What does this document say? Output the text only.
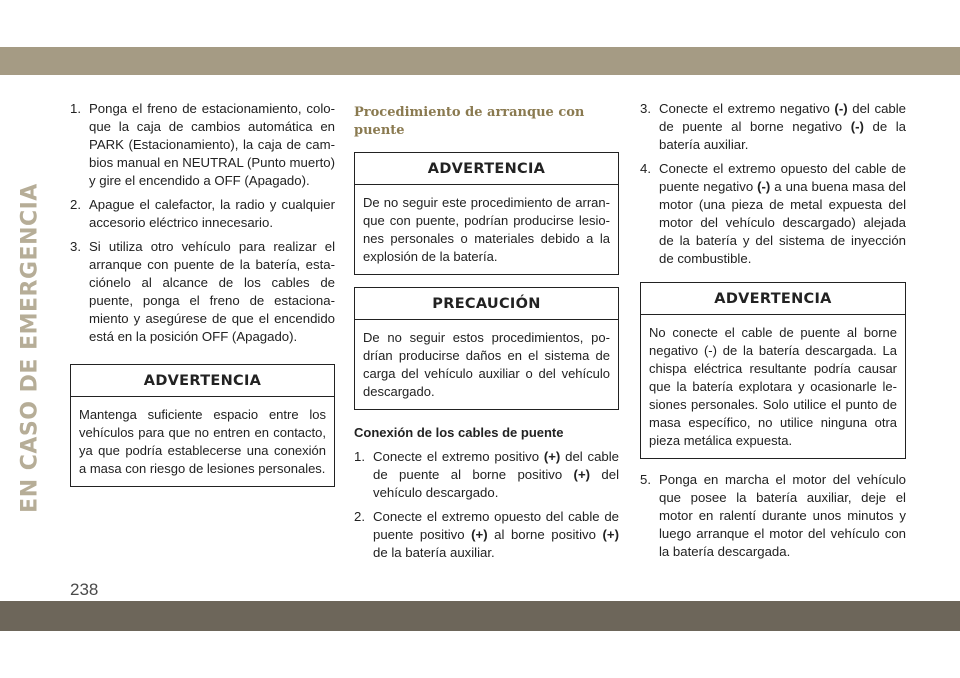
EN CASO DE EMERGENCIA
1. Ponga el freno de estacionamiento, coloque la caja de cambios automática en PARK (Estacionamiento), la caja de cambios manual en NEUTRAL (Punto muerto) y gire el encendido a OFF (Apagado).
2. Apague el calefactor, la radio y cualquier accesorio eléctrico innecesario.
3. Si utiliza otro vehículo para realizar el arranque con puente de la batería, estaciónelo al alcance de los cables de puente, ponga el freno de estacionamiento y asegúrese de que el encendido está en la posición OFF (Apagado).
ADVERTENCIA
Mantenga suficiente espacio entre los vehículos para que no entren en contacto, ya que podría establecerse una conexión a masa con riesgo de lesiones personales.
Procedimiento de arranque con puente
ADVERTENCIA
De no seguir este procedimiento de arranque con puente, podrían producirse lesiones personales o materiales debido a la explosión de la batería.
PRECAUCIÓN
De no seguir estos procedimientos, podrían producirse daños en el sistema de carga del vehículo auxiliar o del vehículo descargado.
Conexión de los cables de puente
1. Conecte el extremo positivo (+) del cable de puente al borne positivo (+) del vehículo descargado.
2. Conecte el extremo opuesto del cable de puente positivo (+) al borne positivo (+) de la batería auxiliar.
3. Conecte el extremo negativo (-) del cable de puente al borne negativo (-) de la batería auxiliar.
4. Conecte el extremo opuesto del cable de puente negativo (-) a una buena masa del motor (una pieza de metal expuesta del motor del vehículo descargado) alejada de la batería y del sistema de inyección de combustible.
ADVERTENCIA
No conecte el cable de puente al borne negativo (-) de la batería descargada. La chispa eléctrica resultante podría causar que la batería explotara y ocasionarle lesiones personales. Solo utilice el punto de masa específico, no utilice ninguna otra pieza metálica expuesta.
5. Ponga en marcha el motor del vehículo que posee la batería auxiliar, deje el motor en ralentí durante unos minutos y luego arranque el motor del vehículo con la batería descargada.
238
